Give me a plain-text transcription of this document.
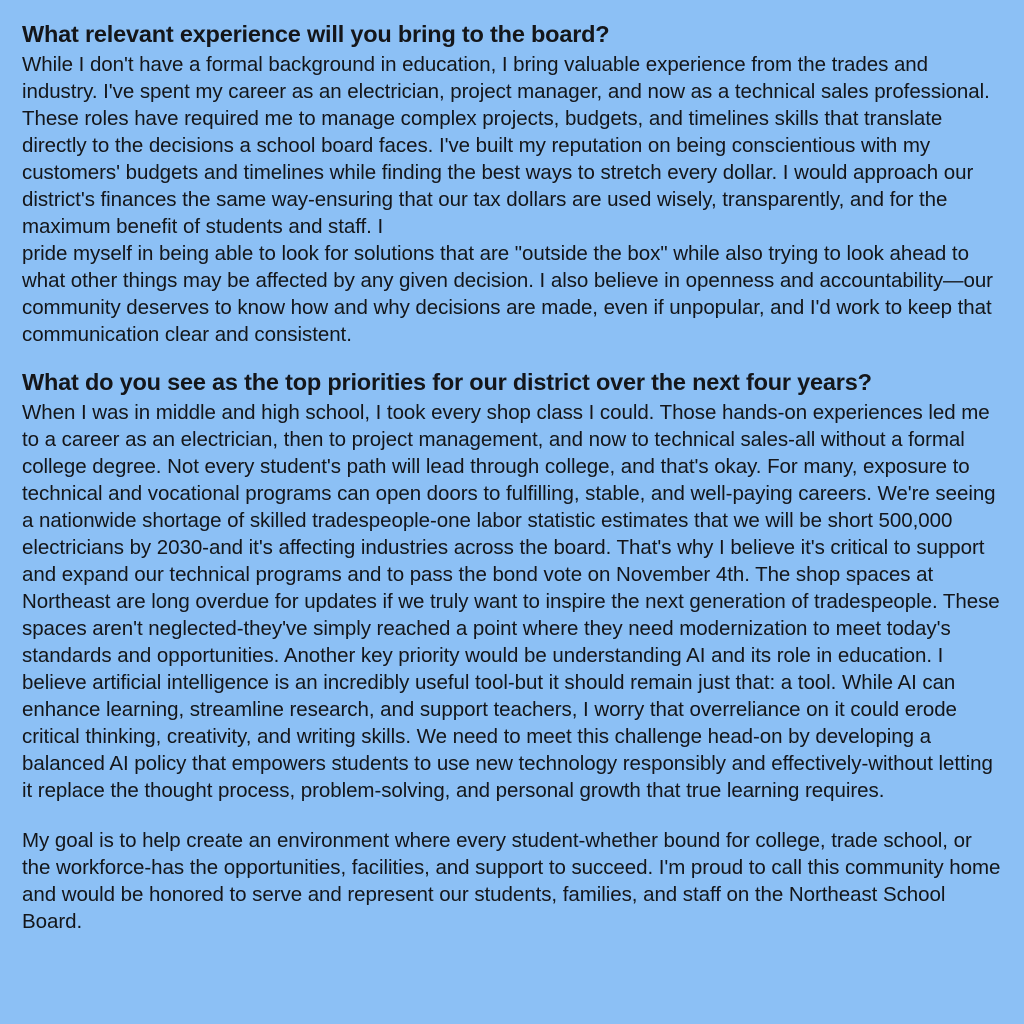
What relevant experience will you bring to the board?

While I don't have a formal background in education, I bring valuable experience from the trades and industry. I've spent my career as an electrician, project manager, and now as a technical sales professional. These roles have required me to manage complex projects, budgets, and timelines skills that translate directly to the decisions a school board faces. I've built my reputation on being conscientious with my customers' budgets and timelines while finding the best ways to stretch every dollar. I would approach our district's finances the same way-ensuring that our tax dollars are used wisely, transparently, and for the maximum benefit of students and staff. I

pride myself in being able to look for solutions that are "outside the box" while also trying to look ahead to what other things may be affected by any given decision. I also believe in openness and accountability—our community deserves to know how and why decisions are made, even if unpopular, and I'd work to keep that communication clear and consistent.

What do you see as the top priorities for our district over the next four years?

When I was in middle and high school, I took every shop class I could. Those hands-on experiences led me to a career as an electrician, then to project management, and now to technical sales-all without a formal college degree. Not every student's path will lead through college, and that's okay. For many, exposure to technical and vocational programs can open doors to fulfilling, stable, and well-paying careers. We're seeing a nationwide shortage of skilled tradespeople-one labor statistic estimates that we will be short 500,000 electricians by 2030-and it's affecting industries across the board. That's why I believe it's critical to support and expand our technical programs and to pass the bond vote on November 4th. The shop spaces at Northeast are long overdue for updates if we truly want to inspire the next generation of tradespeople. These spaces aren't neglected-they've simply reached a point where they need modernization to meet today's standards and opportunities. Another key priority would be understanding AI and its role in education. I believe artificial intelligence is an incredibly useful tool-but it should remain just that: a tool. While AI can enhance learning, streamline research, and support teachers, I worry that overreliance on it could erode critical thinking, creativity, and writing skills. We need to meet this challenge head-on by developing a balanced AI policy that empowers students to use new technology responsibly and effectively-without letting it replace the thought process, problem-solving, and personal growth that true learning requires.

My goal is to help create an environment where every student-whether bound for college, trade school, or the workforce-has the opportunities, facilities, and support to succeed. I'm proud to call this community home and would be honored to serve and represent our students, families, and staff on the Northeast School Board.
